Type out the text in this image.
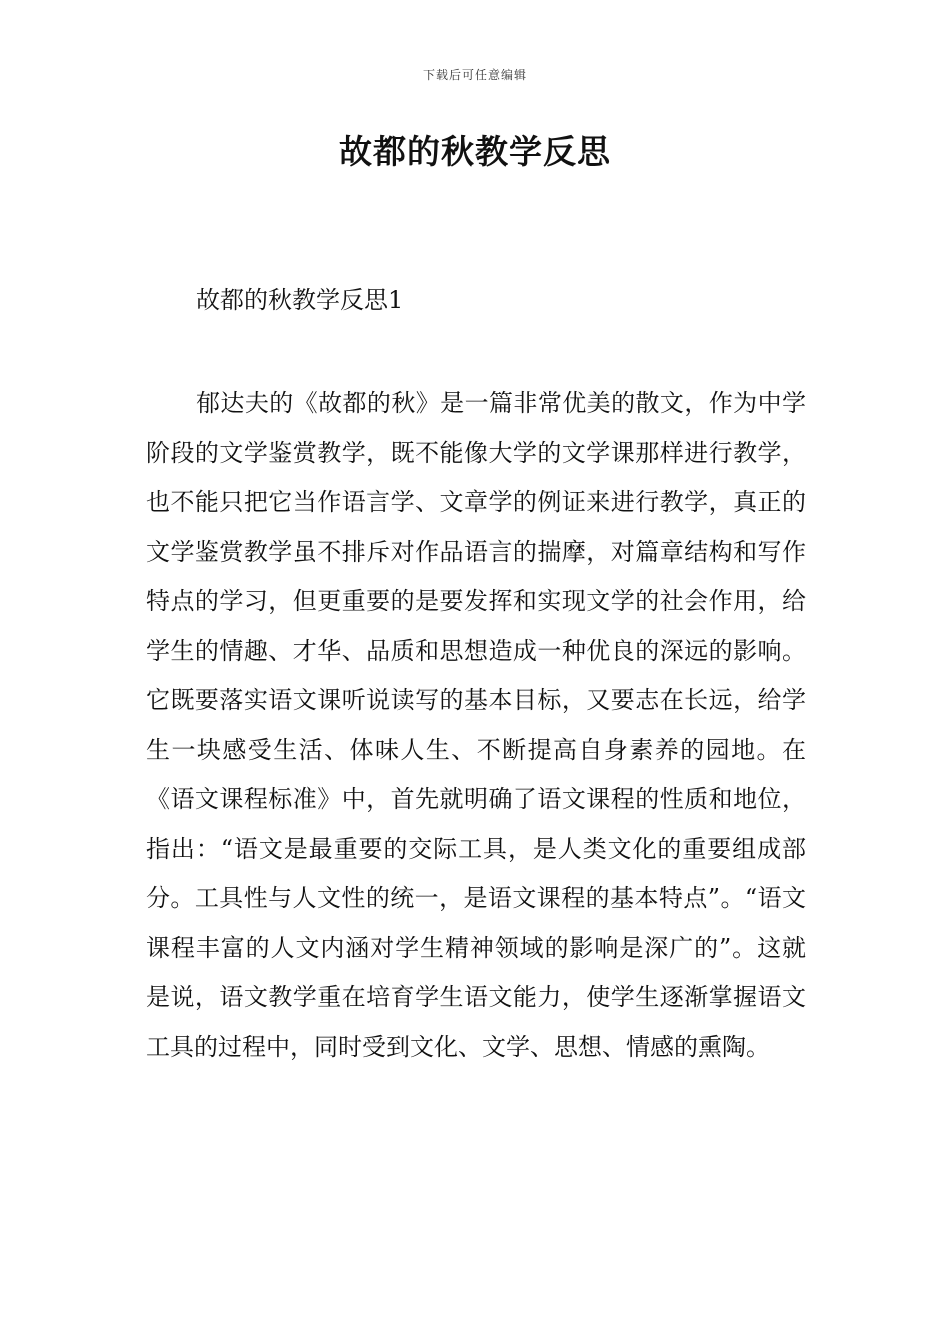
下载后可任意编辑
故都的秋教学反思
故都的秋教学反思1

郁达夫的《故都的秋》是一篇非常优美的散文，作为中学阶段的文学鉴赏教学，既不能像大学的文学课那样进行教学，也不能只把它当作语言学、文章学的例证来进行教学，真正的文学鉴赏教学虽不排斥对作品语言的揣摩，对篇章结构和写作特点的学习，但更重要的是要发挥和实现文学的社会作用，给学生的情趣、才华、品质和思想造成一种优良的深远的影响。它既要落实语文课听说读写的基本目标，又要志在长远，给学生一块感受生活、体味人生、不断提高自身素养的园地。在《语文课程标准》中，首先就明确了语文课程的性质和地位，指出：“语文是最重要的交际工具，是人类文化的重要组成部分。工具性与人文性的统一，是语文课程的基本特点”。“语文课程丰富的人文内涵对学生精神领域的影响是深广的”。这就是说，语文教学重在培育学生语文能力，使学生逐渐掌握语文工具的过程中，同时受到文化、文学、思想、情感的熏陶。
